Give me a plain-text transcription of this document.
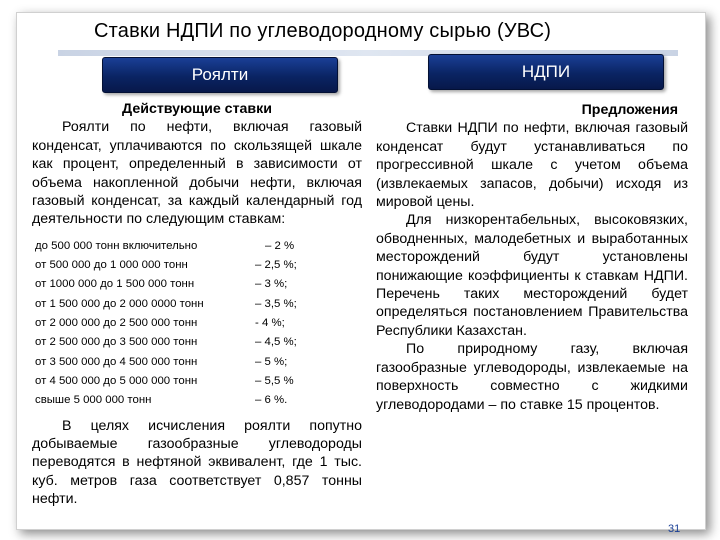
Ставки НДПИ по углеводородному сырью (УВС)
Роялти	НДПИ

Действующие ставки

Роялти по нефти, включая газовый конденсат, уплачиваются по скользящей шкале как процент, определенный в зависимости от объема накопленной добычи нефти, включая газовый конденсат, за каждый календарный год деятельности по следующим ставкам:

до 500 000 тонн включительно	– 2 %
от 500 000 до 1 000 000 тонн	– 2,5 %;
от 1000 000 до 1 500 000 тонн	– 3 %;
от 1 500 000 до 2 000 0000 тонн	– 3,5 %;
от 2 000 000 до 2 500 000 тонн	- 4 %;
от 2 500 000 до 3 500 000 тонн	– 4,5 %;
от 3 500 000 до 4 500 000 тонн	– 5 %;
от 4 500 000 до 5 000 000 тонн	– 5,5 %
свыше 5 000 000 тонн	– 6 %.

В целях исчисления роялти попутно добываемые газообразные углеводороды переводятся в нефтяной эквивалент, где 1 тыс. куб. метров газа соответствует 0,857 тонны нефти.

Предложения

Ставки НДПИ по нефти, включая газовый конденсат будут устанавливаться по прогрессивной шкале с учетом объема (извлекаемых запасов, добычи) исходя из мировой цены.

Для низкорентабельных, высоковязких, обводненных, малодебетных и выработанных месторождений будут установлены понижающие коэффициенты к ставкам НДПИ. Перечень таких месторождений будет определяться постановлением Правительства Республики Казахстан.

По природному газу, включая газообразные углеводороды, извлекаемые на поверхность совместно с жидкими углеводородами – по ставке 15 процентов.

31
